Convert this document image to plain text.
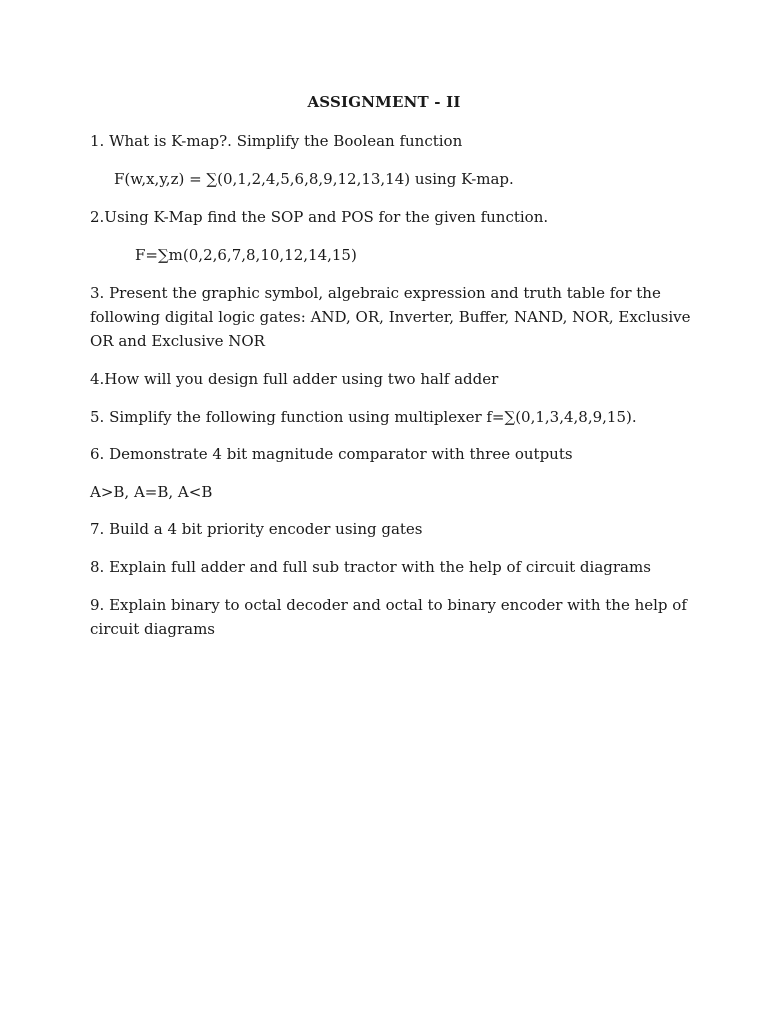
ASSIGNMENT - II
1. What is K-map?. Simplify the Boolean function
F(w,x,y,z) = ∑(0,1,2,4,5,6,8,9,12,13,14) using K-map.
2.Using K-Map find the SOP and POS for the given function.
F=∑m(0,2,6,7,8,10,12,14,15)
3. Present the graphic symbol, algebraic expression and truth table for the
following digital logic gates: AND, OR, Inverter, Buffer, NAND, NOR, Exclusive
OR and Exclusive NOR
4.How will you design full adder using two half adder
5. Simplify the following function using multiplexer f=∑(0,1,3,4,8,9,15).
6. Demonstrate 4 bit magnitude comparator with three outputs
A>B, A=B, A<B
7. Build a 4 bit priority encoder using gates
8. Explain full adder and full sub tractor with the help of circuit diagrams
9. Explain binary to octal decoder and octal to binary encoder with the help of
circuit diagrams
